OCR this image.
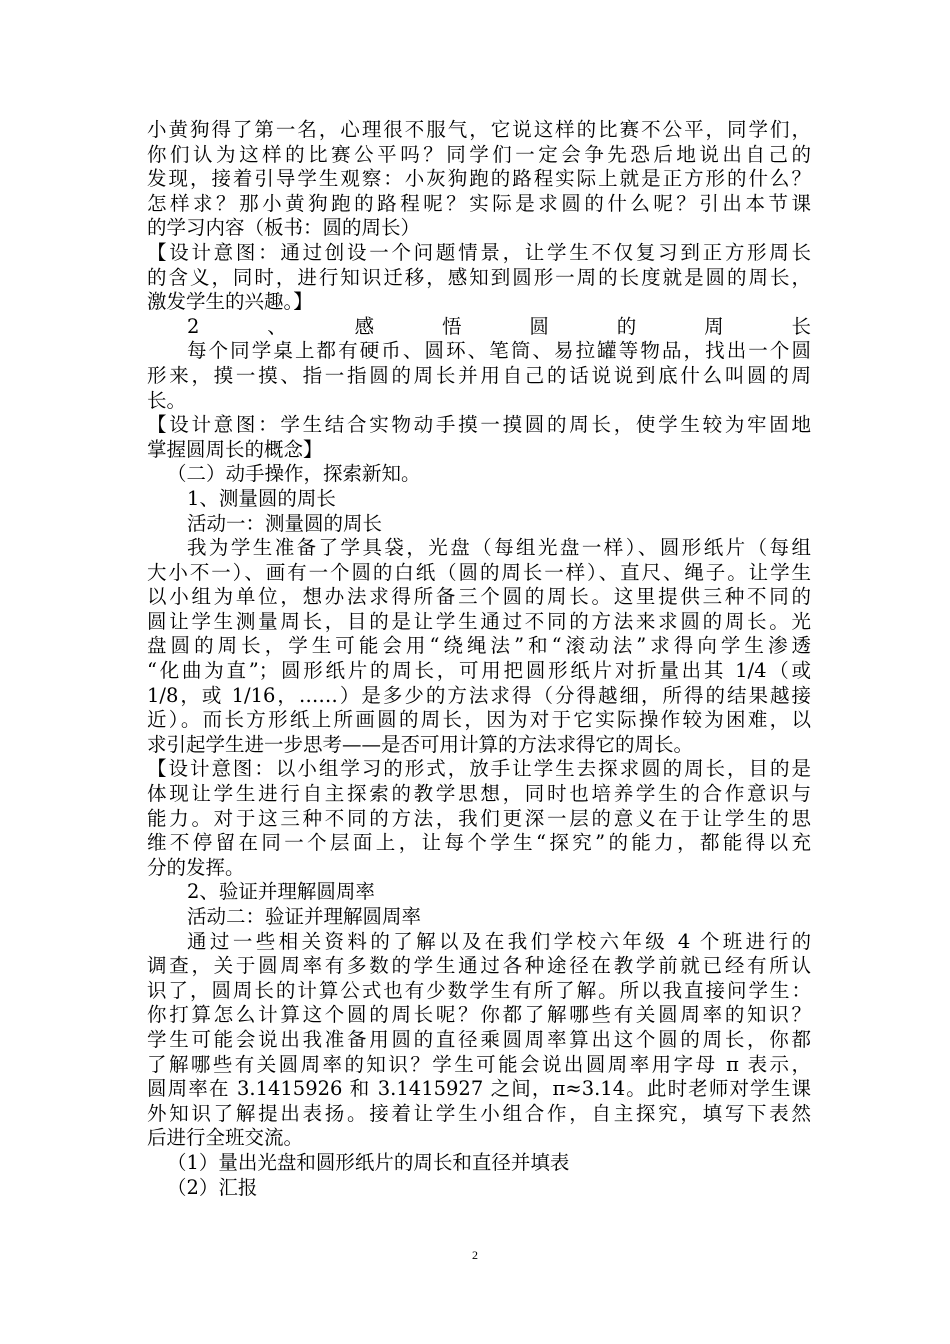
小黄狗得了第一名，心理很不服气，它说这样的比赛不公平，同学们，
你们认为这样的比赛公平吗？同学们一定会争先恐后地说出自己的
发现，接着引导学生观察：小灰狗跑的路程实际上就是正方形的什么？
怎样求？那小黄狗跑的路程呢？实际是求圆的什么呢？引出本节课
的学习内容（板书：圆的周长）
【设计意图：通过创设一个问题情景，让学生不仅复习到正方形周长
的含义，同时，进行知识迁移，感知到圆形一周的长度就是圆的周长，
激发学生的兴趣。】
2、感悟圆的周长
每个同学桌上都有硬币、圆环、笔筒、易拉罐等物品，找出一个圆
形来，摸一摸、指一指圆的周长并用自己的话说说到底什么叫圆的周
长。
【设计意图：学生结合实物动手摸一摸圆的周长，使学生较为牢固地
掌握圆周长的概念】
（二）动手操作，探索新知。
1、测量圆的周长
活动一：测量圆的周长
我为学生准备了学具袋，光盘（每组光盘一样）、圆形纸片（每组
大小不一）、画有一个圆的白纸（圆的周长一样）、直尺、绳子。让学生
以小组为单位，想办法求得所备三个圆的周长。这里提供三种不同的
圆让学生测量周长，目的是让学生通过不同的方法来求圆的周长。光
盘圆的周长，学生可能会用“绕绳法”和“滚动法”求得向学生渗透
“化曲为直”；圆形纸片的周长，可用把圆形纸片对折量出其 1/4（或
1/8，或 1/16，……）是多少的方法求得（分得越细，所得的结果越接
近）。而长方形纸上所画圆的周长，因为对于它实际操作较为困难，以
求引起学生进一步思考——是否可用计算的方法求得它的周长。
【设计意图：以小组学习的形式，放手让学生去探求圆的周长，目的是
体现让学生进行自主探索的教学思想，同时也培养学生的合作意识与
能力。对于这三种不同的方法，我们更深一层的意义在于让学生的思
维不停留在同一个层面上，让每个学生“探究”的能力，都能得以充
分的发挥。
2、验证并理解圆周率
活动二：验证并理解圆周率
通过一些相关资料的了解以及在我们学校六年级 4 个班进行的
调查，关于圆周率有多数的学生通过各种途径在教学前就已经有所认
识了，圆周长的计算公式也有少数学生有所了解。所以我直接问学生：
你打算怎么计算这个圆的周长呢？你都了解哪些有关圆周率的知识？
学生可能会说出我准备用圆的直径乘圆周率算出这个圆的周长，你都
了解哪些有关圆周率的知识？学生可能会说出圆周率用字母 π 表示，
圆周率在 3.1415926 和 3.1415927 之间，π≈3.14。此时老师对学生课
外知识了解提出表扬。接着让学生小组合作，自主探究，填写下表然
后进行全班交流。
（1）量出光盘和圆形纸片的周长和直径并填表
（2）汇报
2
